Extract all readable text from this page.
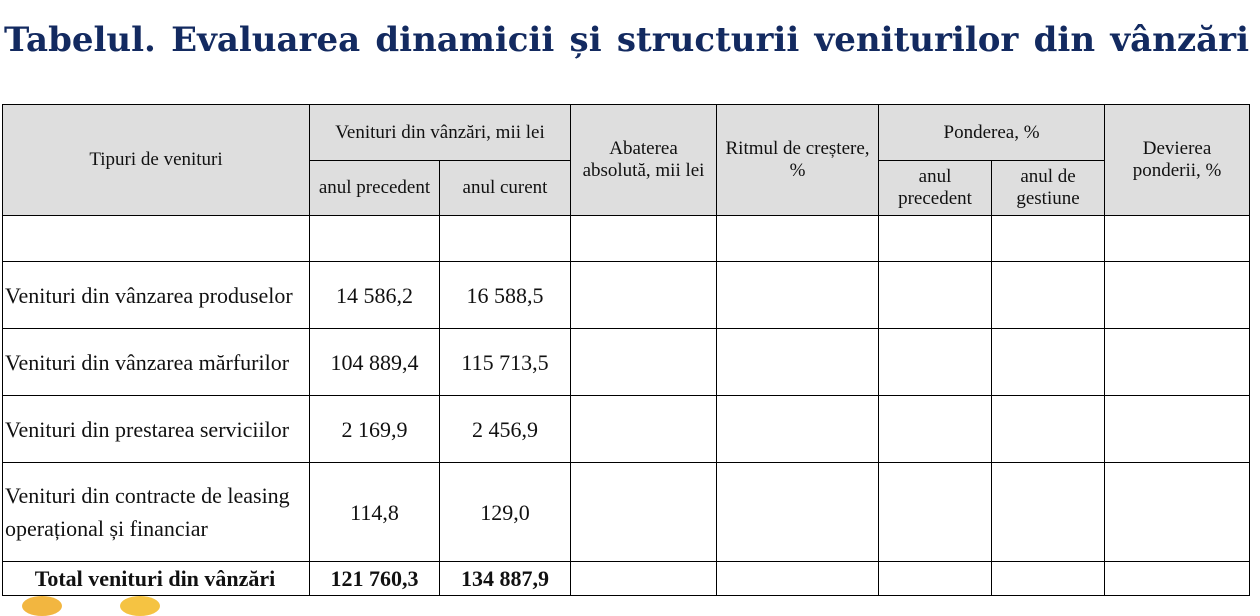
Tabelul. Evaluarea dinamicii și structurii veniturilor din vânzări
Tipuri de venituri	Venituri din vânzări, mii lei		Abaterea absolută, mii lei	Ritmul de creștere, %	Ponderea, %		Devierea ponderii, %
	anul precedent	anul curent			anul precedent	anul de gestiune	

Venituri din vânzarea produselor	14 586,2	16 588,5					
Venituri din vânzarea mărfurilor	104 889,4	115 713,5					
Venituri din prestarea serviciilor	2 169,9	2 456,9					
Venituri din contracte de leasing operațional și financiar	114,8	129,0					
Total venituri din vânzări	121 760,3	134 887,9					
